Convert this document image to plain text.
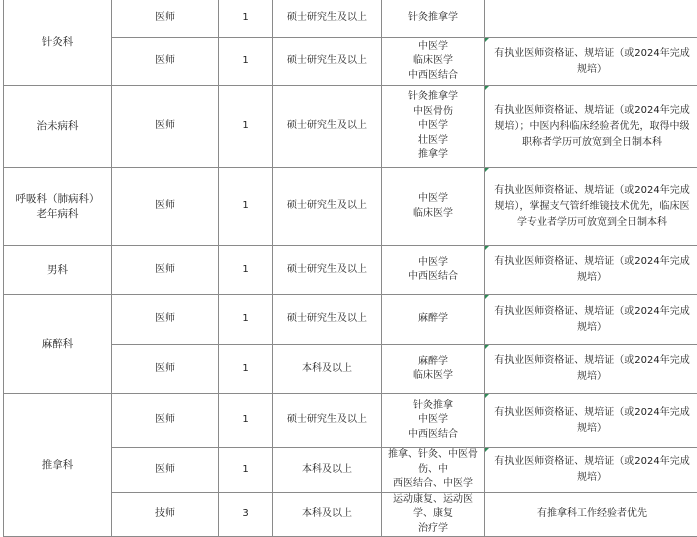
针灸科	医师	1	硕士研究生及以上	针灸推拿学	

	医师	1	硕士研究生及以上	中医学
临床医学
中西医结合	有执业医师资格证、规培证（或2024年完成
规培）

治未病科	医师	1	硕士研究生及以上	针灸推拿学
中医骨伤
中医学
壮医学
推拿学	有执业医师资格证、规培证（或2024年完成
规培）；中医内科临床经验者优先，取得中级
职称者学历可放宽到全日制本科

呼吸科（肺病科）
老年病科	医师	1	硕士研究生及以上	中医学
临床医学	有执业医师资格证、规培证（或2024年完成
规培），掌握支气管纤维镜技术优先，临床医
学专业者学历可放宽到全日制本科

男科	医师	1	硕士研究生及以上	中医学
中西医结合	有执业医师资格证、规培证（或2024年完成
规培）

麻醉科	医师	1	硕士研究生及以上	麻醉学	有执业医师资格证、规培证（或2024年完成
规培）

	医师	1	本科及以上	麻醉学
临床医学	有执业医师资格证、规培证（或2024年完成
规培）

推拿科	医师	1	硕士研究生及以上	针灸推拿
中医学
中西医结合	有执业医师资格证、规培证（或2024年完成
规培）

	医师	1	本科及以上	推拿、针灸、中医骨伤、中
西医结合、中医学	有执业医师资格证、规培证（或2024年完成
规培）

	技师	3	本科及以上	运动康复、运动医学、康复
治疗学	有推拿科工作经验者优先
